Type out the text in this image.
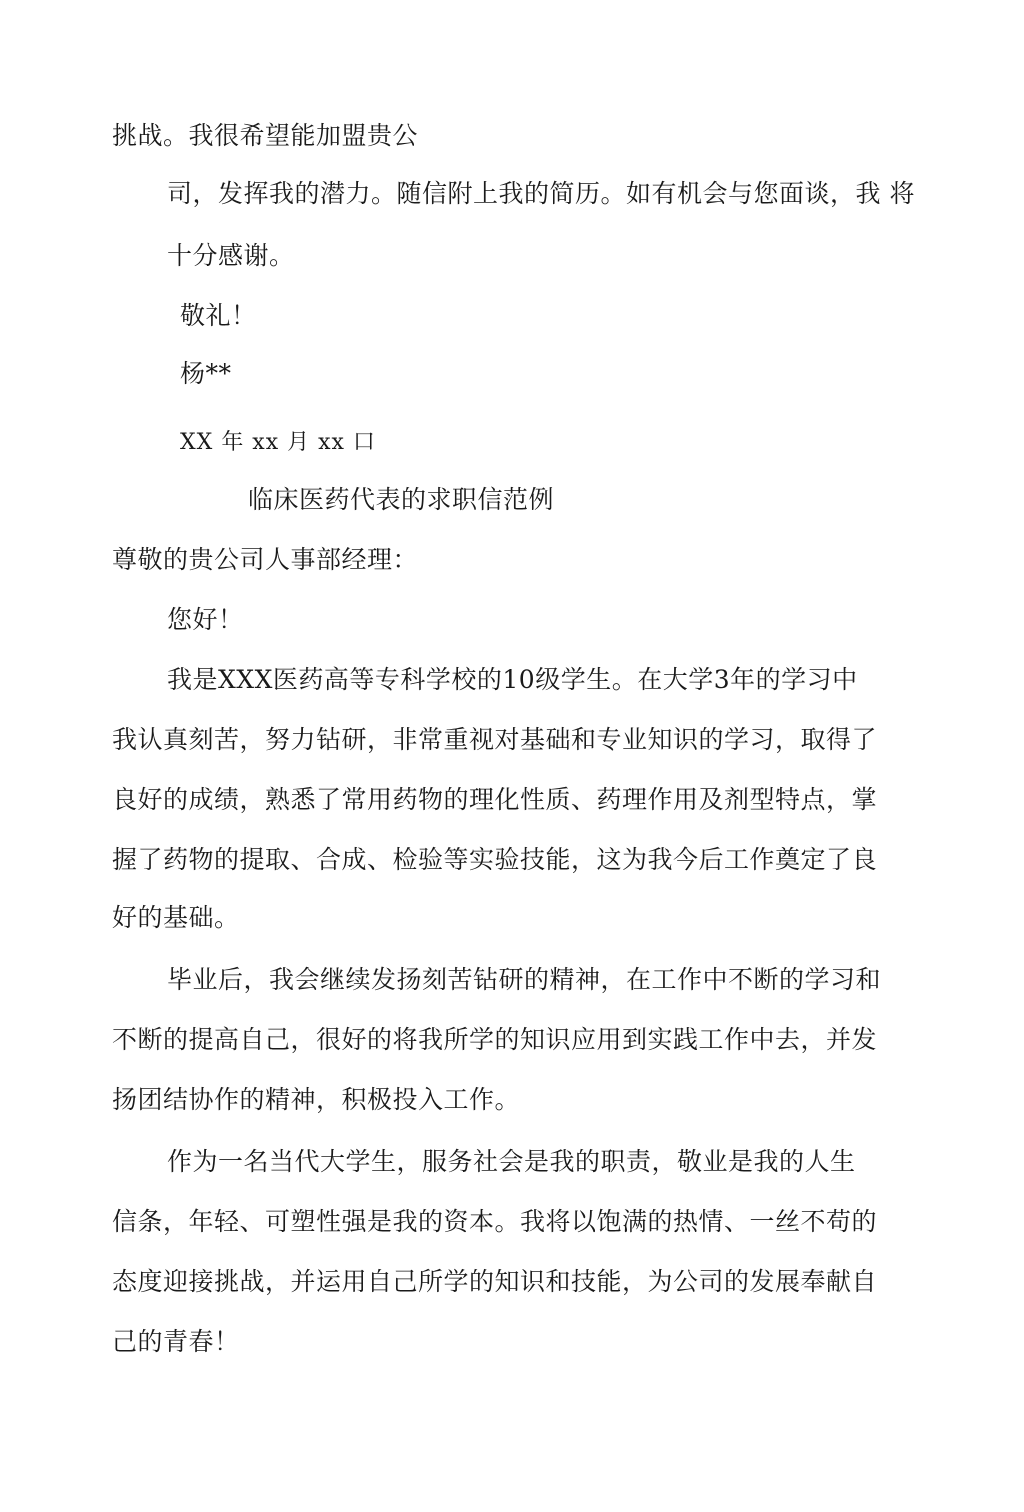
挑战。我很希望能加盟贵公
司，发挥我的潜力。随信附上我的简历。如有机会与您面谈，我 将
十分感谢。
敬礼！
杨**
XX 年 xx 月 xx 口
临床医药代表的求职信范例
尊敬的贵公司人事部经理：
您好！
我是XXX医药高等专科学校的10级学生。在大学3年的学习中
我认真刻苦，努力钻研，非常重视对基础和专业知识的学习，取得了
良好的成绩，熟悉了常用药物的理化性质、药理作用及剂型特点，掌
握了药物的提取、合成、检验等实验技能，这为我今后工作奠定了良
好的基础。
毕业后，我会继续发扬刻苦钻研的精神，在工作中不断的学习和
不断的提高自己，很好的将我所学的知识应用到实践工作中去，并发
扬团结协作的精神，积极投入工作。
作为一名当代大学生，服务社会是我的职责，敬业是我的人生
信条，年轻、可塑性强是我的资本。我将以饱满的热情、一丝不苟的
态度迎接挑战，并运用自己所学的知识和技能，为公司的发展奉献自
己的青春！
